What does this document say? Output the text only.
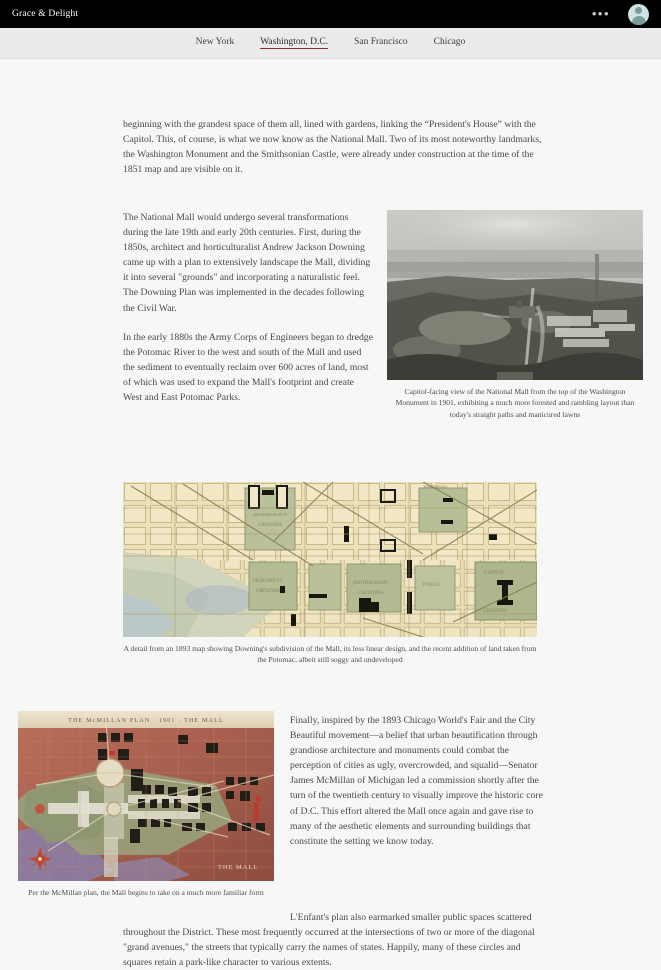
Grace & Delight	•••
New York	Washington, D.C.	San Francisco	Chicago

beginning with the grandest space of them all, lined with gardens, linking the “President's House” with the Capitol. This, of course, is what we now know as the National Mall. Two of its most noteworthy landmarks, the Washington Monument and the Smithsonian Castle, were already under construction at the time of the 1851 map and are visible on it.

The National Mall would undergo several transformations during the late 19th and early 20th centuries. First, during the 1850s, architect and horticulturalist Andrew Jackson Downing came up with a plan to extensively landscape the Mall, dividing it into several "grounds" and incorporating a naturalistic feel. The Downing Plan was implemented in the decades following the Civil War.

In the early 1880s the Army Corps of Engineers began to dredge the Potomac River to the west and south of the Mall and used the sediment to eventually reclaim over 600 acres of land, most of which was used to expand the Mall's footprint and create West and East Potomac Parks.

Capitol-facing view of the National Mall from the top of the Washington Monument in 1901, exhibiting a much more forested and rambling layout than today's straight paths and manicured lawns
RESERVATION
GROUNDS
MONUMENT
GROUNDS
SMITHSONIAN
GROUNDS
PUBLIC
CAPITOL
GROUNDS
Washington
A detail from an 1893 map showing Downing's subdivision of the Mall, its less linear design, and the recent addition of land taken from the Potomac, albeit still soggy and undeveloped
THE McMILLAN PLAN · 1901 · THE MALL
THE MALL
Per the McMillan plan, the Mall begins to take on a much more familiar form

Finally, inspired by the 1893 Chicago World's Fair and the City Beautiful movement—a belief that urban beautification through grandiose architecture and monuments could combat the perception of cities as ugly, overcrowded, and squalid—Senator James McMillan of Michigan led a commission shortly after the turn of the twentieth century to visually improve the historic core of D.C. This effort altered the Mall once again and gave rise to many of the aesthetic elements and surrounding buildings that constitute the setting we know today.

L'Enfant's plan also earmarked smaller public spaces scattered throughout the District. These most frequently occurred at the intersections of two or more of the diagonal "grand avenues," the streets that typically carry the names of states. Happily, many of these circles and squares retain a park-like character to various extents.
